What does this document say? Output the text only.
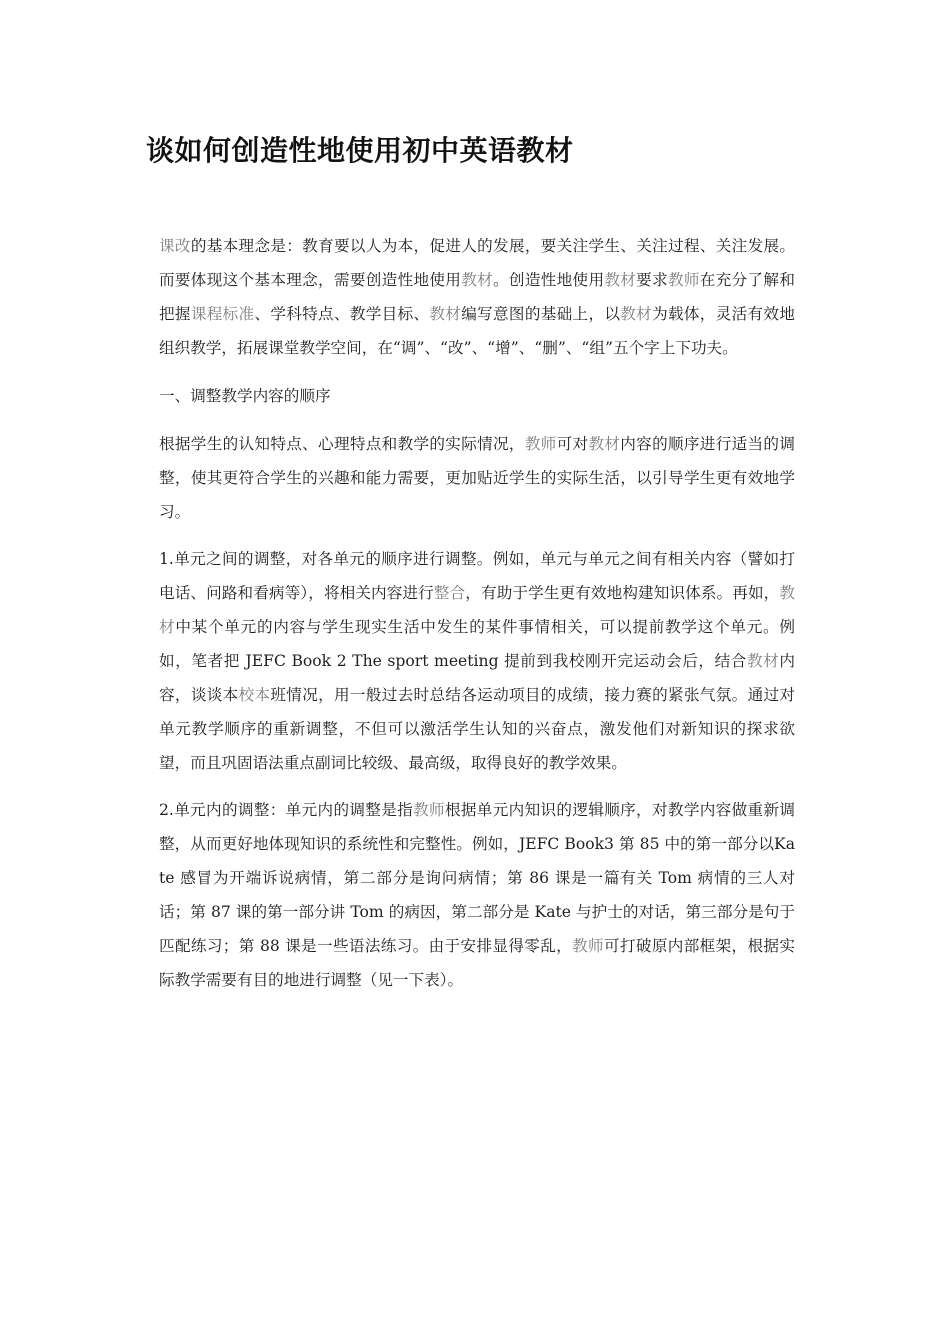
谈如何创造性地使用初中英语教材

课改的基本理念是：教育要以人为本，促进人的发展，要关注学生、关注过程、关注发展。而要体现这个基本理念，需要创造性地使用教材。创造性地使用教材要求教师在充分了解和把握课程标准、学科特点、教学目标、教材编写意图的基础上，以教材为载体，灵活有效地组织教学，拓展课堂教学空间，在“调”、“改”、“增”、“删”、“组”五个字上下功夫。

一、调整教学内容的顺序

根据学生的认知特点、心理特点和教学的实际情况，教师可对教材内容的顺序进行适当的调整，使其更符合学生的兴趣和能力需要，更加贴近学生的实际生活，以引导学生更有效地学习。

1.单元之间的调整，对各单元的顺序进行调整。例如，单元与单元之间有相关内容（譬如打电话、问路和看病等），将相关内容进行整合，有助于学生更有效地构建知识体系。再如，教材中某个单元的内容与学生现实生活中发生的某件事情相关，可以提前教学这个单元。例如，笔者把 JEFC Book 2 The sport meeting 提前到我校刚开完运动会后，结合教材内容，谈谈本校本班情况，用一般过去时总结各运动项目的成绩，接力赛的紧张气氛。通过对单元教学顺序的重新调整，不但可以激活学生认知的兴奋点，激发他们对新知识的探求欲望，而且巩固语法重点副词比较级、最高级，取得良好的教学效果。

2.单元内的调整：单元内的调整是指教师根据单元内知识的逻辑顺序，对教学内容做重新调整，从而更好地体现知识的系统性和完整性。例如，JEFC Book3 第 85 中的第一部分以Kate 感冒为开端诉说病情，第二部分是询问病情；第 86 课是一篇有关 Tom 病情的三人对话；第 87 课的第一部分讲 Tom 的病因，第二部分是 Kate 与护士的对话，第三部分是句于匹配练习；第 88 课是一些语法练习。由于安排显得零乱，教师可打破原内部框架，根据实际教学需要有目的地进行调整（见一下表）。
